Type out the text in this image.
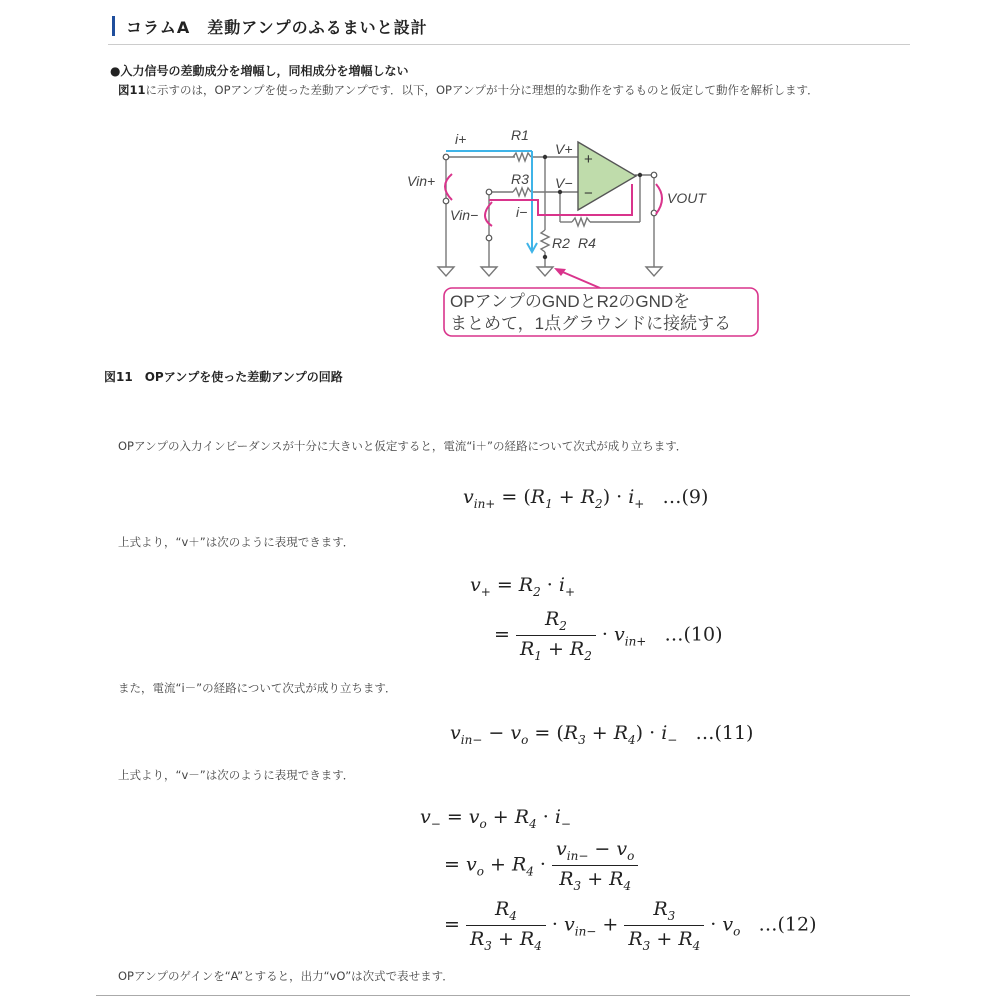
コラムA　差動アンプのふるまいと設計
●入力信号の差動成分を増幅し，同相成分を増幅しない
図11に示すのは，OPアンプを使った差動アンプです．以下，OPアンプが十分に理想的な動作をするものと仮定して動作を解析します．
+
−
i+	R1
V+
R3 V−
Vin+
Vin−	i−
VOUT
R2 R4
OPアンプのGNDとR2のGNDを
まとめて，1点グラウンドに接続する
図11　OPアンプを使った差動アンプの回路
OPアンプの入力インピーダンスが十分に大きいと仮定すると，電流“i＋”の経路について次式が成り立ちます．
$v_{in+} = (R_1 + R_2) \cdot i_+$ …(9)
上式より，“v＋”は次のように表現できます．
$v_+ = R_2 \cdot i_+$
= $\frac{R_2}{R_1 + R_2} \cdot v_{in+}$ …(10)
また，電流“i－”の経路について次式が成り立ちます．
$v_{in-} - v_o = (R_3 + R_4) \cdot i_-$ …(11)
上式より，“v－”は次のように表現できます．
$v_- = v_o + R_4 \cdot i_-$
= $v_o + R_4 \cdot \frac{v_{in-} - v_o}{R_3 + R_4}$
= $\frac{R_4}{R_3 + R_4} \cdot v_{in-} + \frac{R_3}{R_3 + R_4} \cdot v_o$ …(12)
OPアンプのゲインを“A”とすると，出力“vO”は次式で表せます．
